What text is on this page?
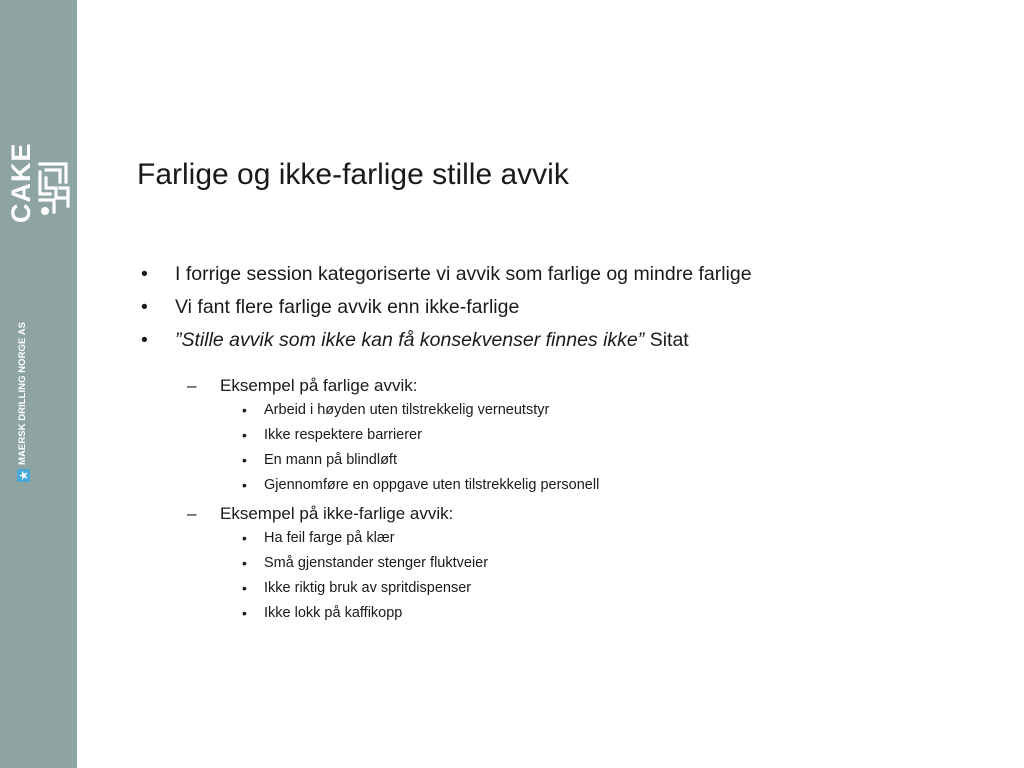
CAKE
MAERSK DRILLING NORGE AS
Farlige og ikke-farlige stille avvik
• I forrige session kategoriserte vi avvik som farlige og mindre farlige
• Vi fant flere farlige avvik enn ikke-farlige
• ”Stille avvik som ikke kan få konsekvenser finnes ikke” Sitat
– Eksempel på farlige avvik:
• Arbeid i høyden uten tilstrekkelig verneutstyr
• Ikke respektere barrierer
• En mann på blindløft
• Gjennomføre en oppgave uten tilstrekkelig personell
– Eksempel på ikke-farlige avvik:
• Ha feil farge på klær
• Små gjenstander stenger fluktveier
• Ikke riktig bruk av spritdispenser
• Ikke lokk på kaffikopp
